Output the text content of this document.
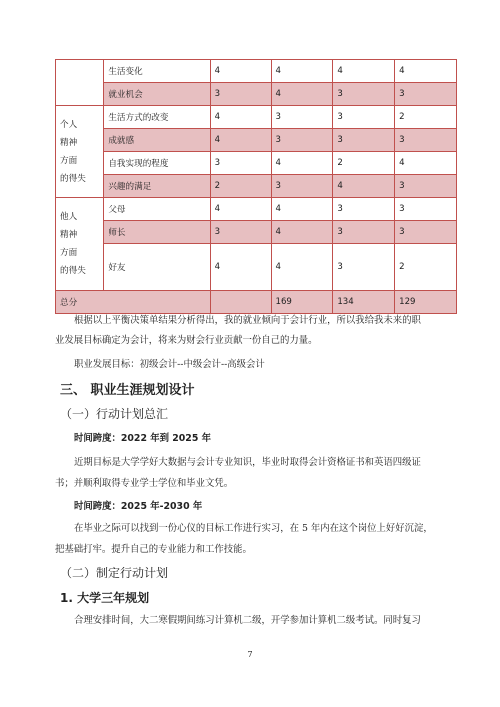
	生活变化	4	4	4	4
	就业机会	3	4	3	3

个人
精神
方面
的得失	生活方式的改变	4	3	3	2
	成就感	4	3	3	3
	自我实现的程度	3	4	2	4
	兴趣的满足	2	3	4	3

他人
精神
方面
的得失	父母	4	4	3	3
	师长	3	4	3	3
	好友	4	4	3	2
总分			169	134	129
根据以上平衡决策单结果分析得出，我的就业倾向于会计行业，所以我给我未来的职
业发展目标确定为会计，将来为财会行业贡献一份自己的力量。
职业发展目标：初级会计--中级会计--高级会计
三、 职业生涯规划设计
（一）行动计划总汇
时间跨度：2022 年到 2025 年
近期目标是大学学好大数据与会计专业知识，毕业时取得会计资格证书和英语四级证
书；并顺利取得专业学士学位和毕业文凭。
时间跨度：2025 年-2030 年
在毕业之际可以找到一份心仪的目标工作进行实习，在 5 年内在这个岗位上好好沉淀，
把基础打牢。提升自己的专业能力和工作技能。
（二）制定行动计划
1. 大学三年规划
合理安排时间，大二寒假期间练习计算机二级，开学参加计算机二级考试。同时复习
7
